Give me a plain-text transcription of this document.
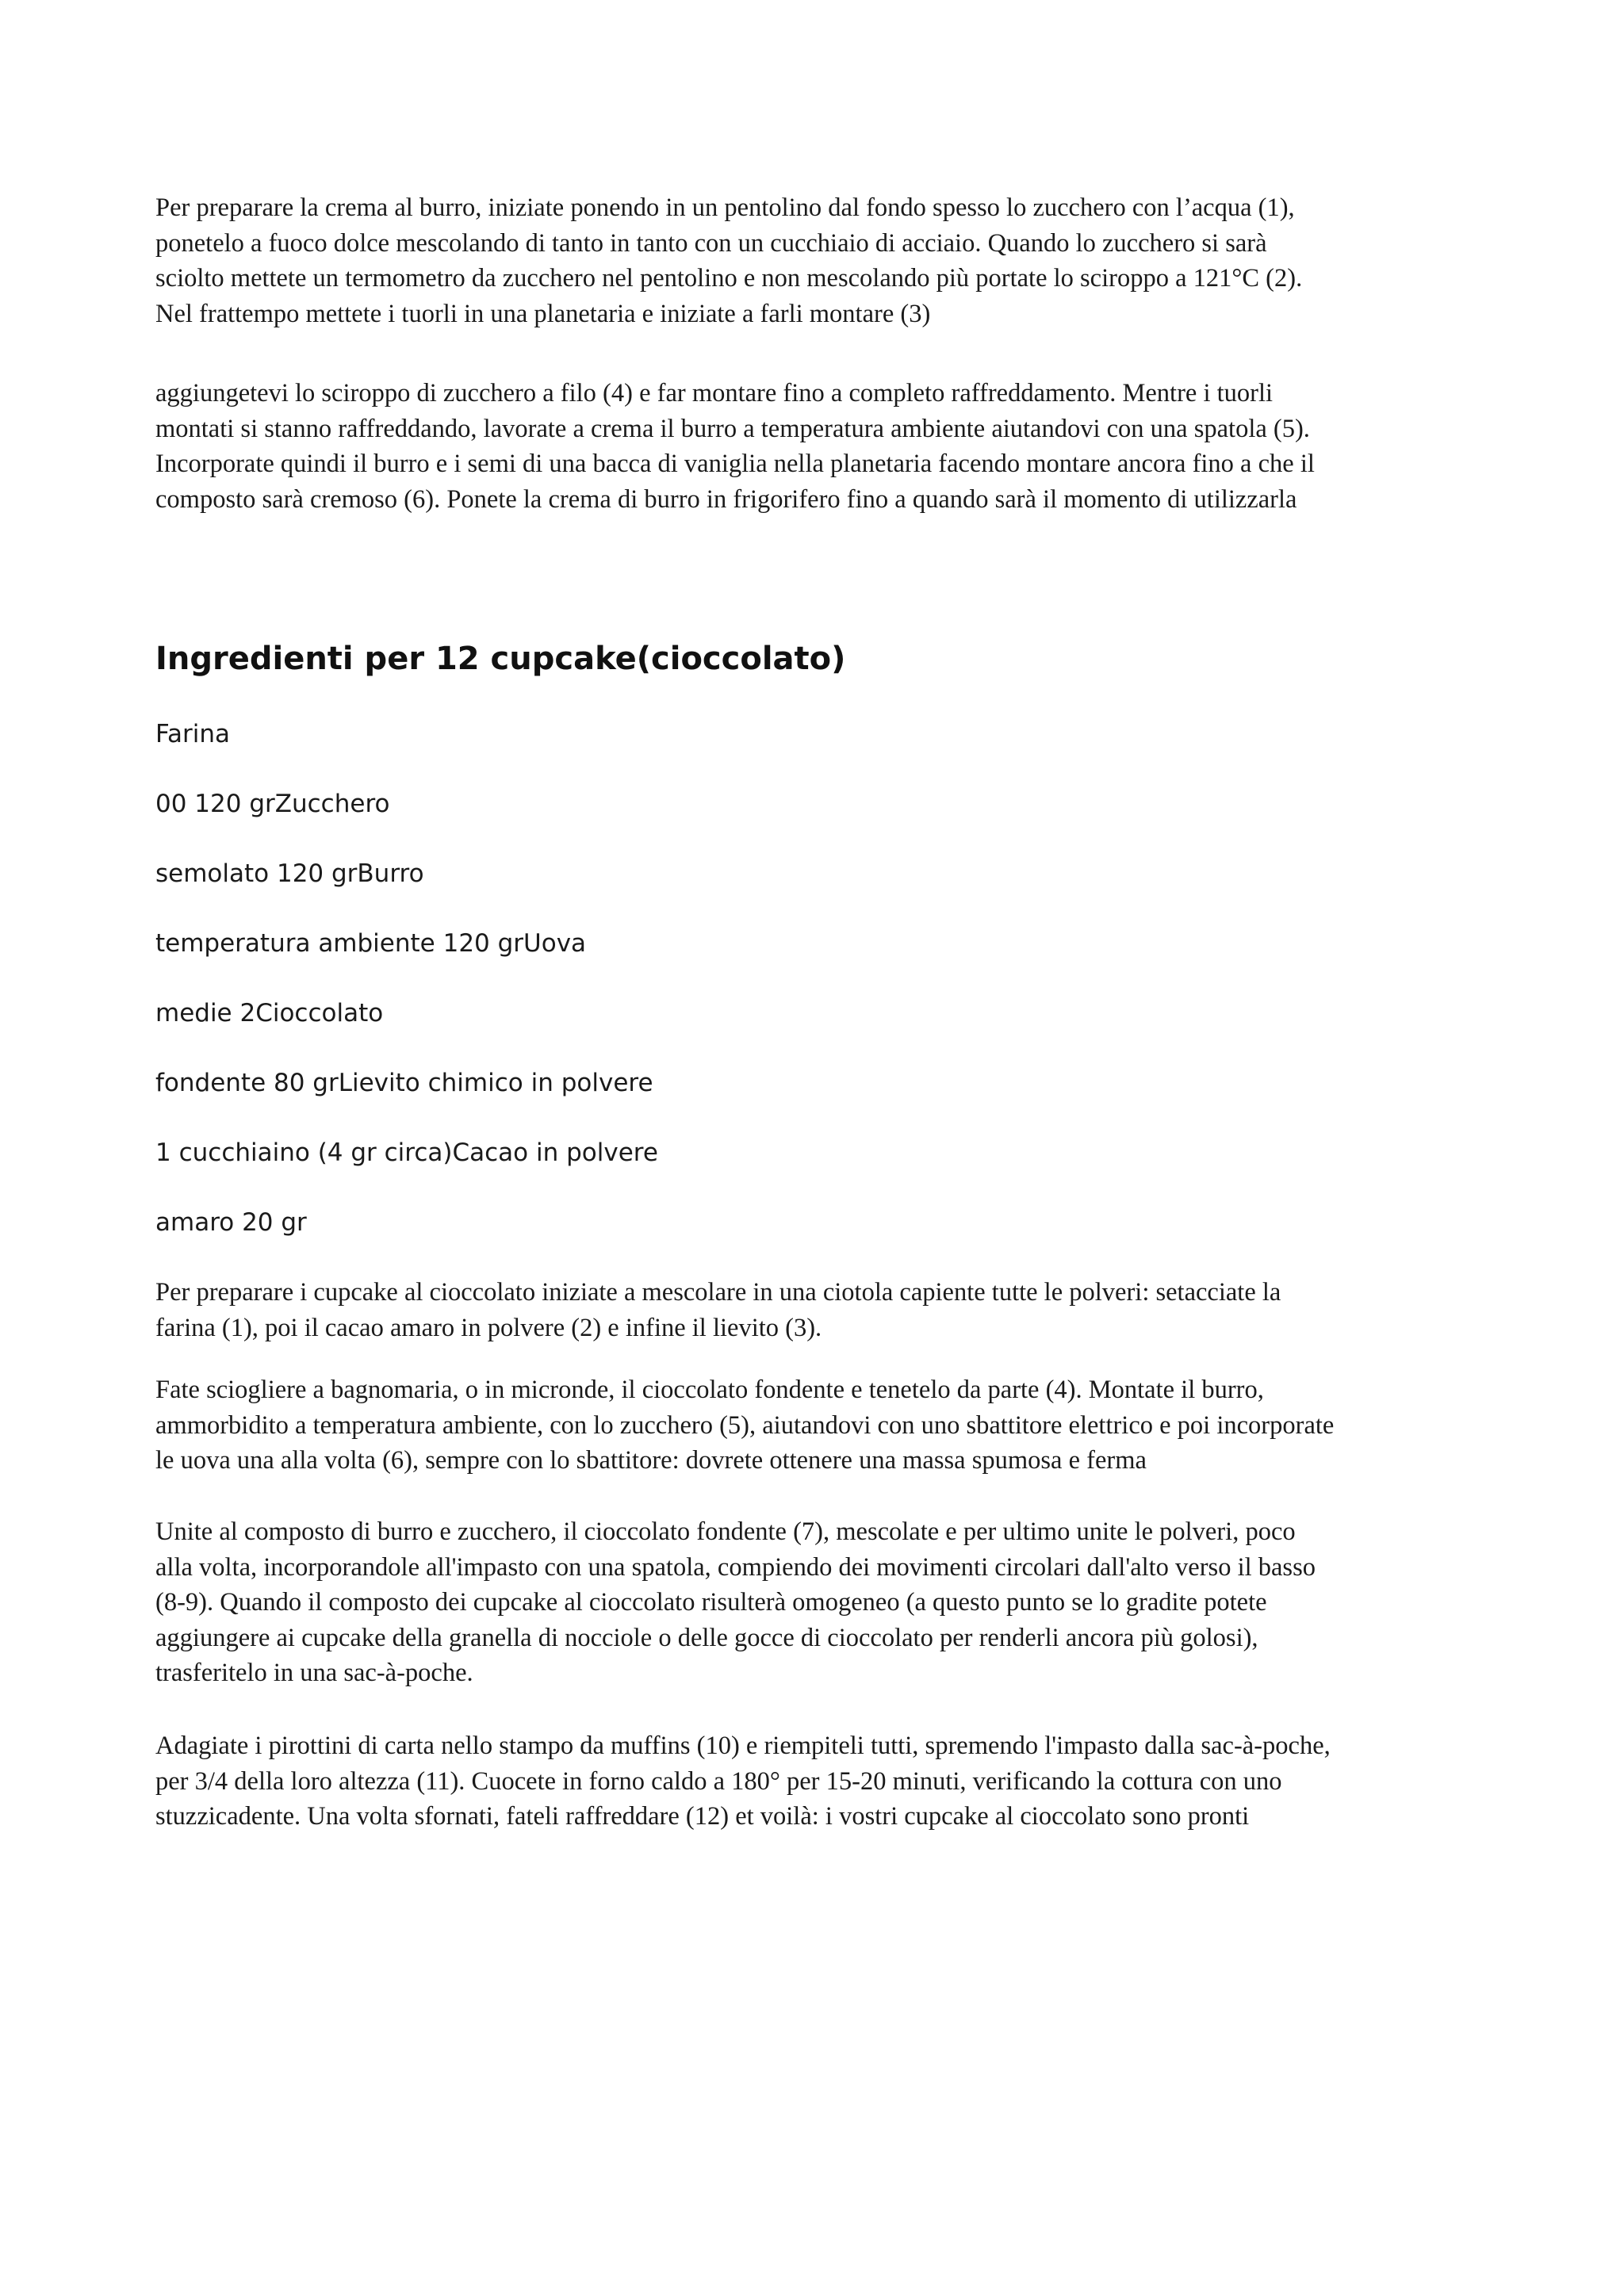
Per preparare la crema al burro, iniziate ponendo in un pentolino dal fondo spesso lo zucchero con l’acqua (1),
ponetelo a fuoco dolce mescolando di tanto in tanto con un cucchiaio di acciaio. Quando lo zucchero si sarà
sciolto mettete un termometro da zucchero nel pentolino e non mescolando più portate lo sciroppo a 121°C (2).
Nel frattempo mettete i tuorli in una planetaria e iniziate a farli montare (3)

aggiungetevi lo sciroppo di zucchero a filo (4) e far montare fino a completo raffreddamento. Mentre i tuorli
montati si stanno raffreddando, lavorate a crema il burro a temperatura ambiente aiutandovi con una spatola (5).
Incorporate quindi il burro e i semi di una bacca di vaniglia nella planetaria facendo montare ancora fino a che il
composto sarà cremoso (6). Ponete la crema di burro in frigorifero fino a quando sarà il momento di utilizzarla

Ingredienti per 12 cupcake(cioccolato)

Farina

00 120 grZucchero

semolato 120 grBurro

temperatura ambiente 120 grUova

medie 2Cioccolato

fondente 80 grLievito chimico in polvere

1 cucchiaino (4 gr circa)Cacao in polvere

amaro 20 gr

Per preparare i cupcake al cioccolato iniziate a mescolare in una ciotola capiente tutte le polveri: setacciate la
farina (1), poi il cacao amaro in polvere (2) e infine il lievito (3).

Fate sciogliere a bagnomaria, o in micronde, il cioccolato fondente e tenetelo da parte (4). Montate il burro,
ammorbidito a temperatura ambiente, con lo zucchero (5), aiutandovi con uno sbattitore elettrico e poi incorporate
le uova una alla volta (6), sempre con lo sbattitore: dovrete ottenere una massa spumosa e ferma

Unite al composto di burro e zucchero, il cioccolato fondente (7), mescolate e per ultimo unite le polveri, poco
alla volta, incorporandole all'impasto con una spatola, compiendo dei movimenti circolari dall'alto verso il basso
(8-9). Quando il composto dei cupcake al cioccolato risulterà omogeneo (a questo punto se lo gradite potete
aggiungere ai cupcake della granella di nocciole o delle gocce di cioccolato per renderli ancora più golosi),
trasferitelo in una sac-à-poche.

Adagiate i pirottini di carta nello stampo da muffins (10) e riempiteli tutti, spremendo l'impasto dalla sac-à-poche,
per 3/4 della loro altezza (11). Cuocete in forno caldo a 180° per 15-20 minuti, verificando la cottura con uno
stuzzicadente. Una volta sfornati, fateli raffreddare (12) et voilà: i vostri cupcake al cioccolato sono pronti
